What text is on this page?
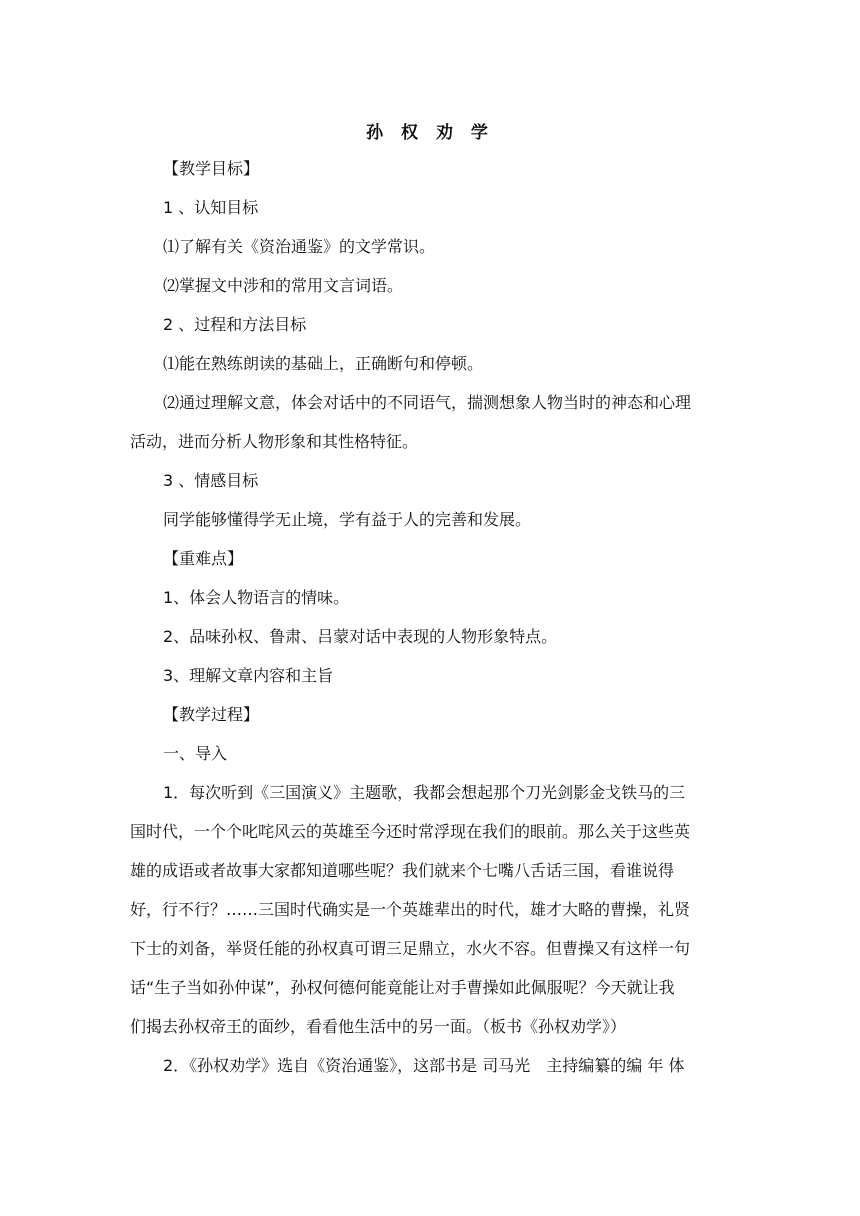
孙 权 劝 学

【教学目标】

1 、认知目标

⑴了解有关《资治通鉴》的文学常识。

⑵掌握文中涉和的常用文言词语。

2 、过程和方法目标

⑴能在熟练朗读的基础上，正确断句和停顿。

⑵通过理解文意，体会对话中的不同语气，揣测想象人物当时的神态和心理

活动，进而分析人物形象和其性格特征。

3 、情感目标

同学能够懂得学无止境，学有益于人的完善和发展。

【重难点】

1、体会人物语言的情味。

2、品味孙权、鲁肃、吕蒙对话中表现的人物形象特点。

3、理解文章内容和主旨

【教学过程】

一、导入

1．每次听到《三国演义》主题歌，我都会想起那个刀光剑影金戈铁马的三

国时代，一个个叱咤风云的英雄至今还时常浮现在我们的眼前。那么关于这些英

雄的成语或者故事大家都知道哪些呢？我们就来个七嘴八舌话三国，看谁说得

好，行不行？……三国时代确实是一个英雄辈出的时代，雄才大略的曹操，礼贤

下士的刘备，举贤任能的孙权真可谓三足鼎立，水火不容。但曹操又有这样一句

话“生子当如孙仲谋”，孙权何德何能竟能让对手曹操如此佩服呢？今天就让我

们揭去孙权帝王的面纱，看看他生活中的另一面。（板书《孙权劝学》）

2．《孙权劝学》选自《资治通鉴》，这部书是 司马光　主持编纂的编 年 体
